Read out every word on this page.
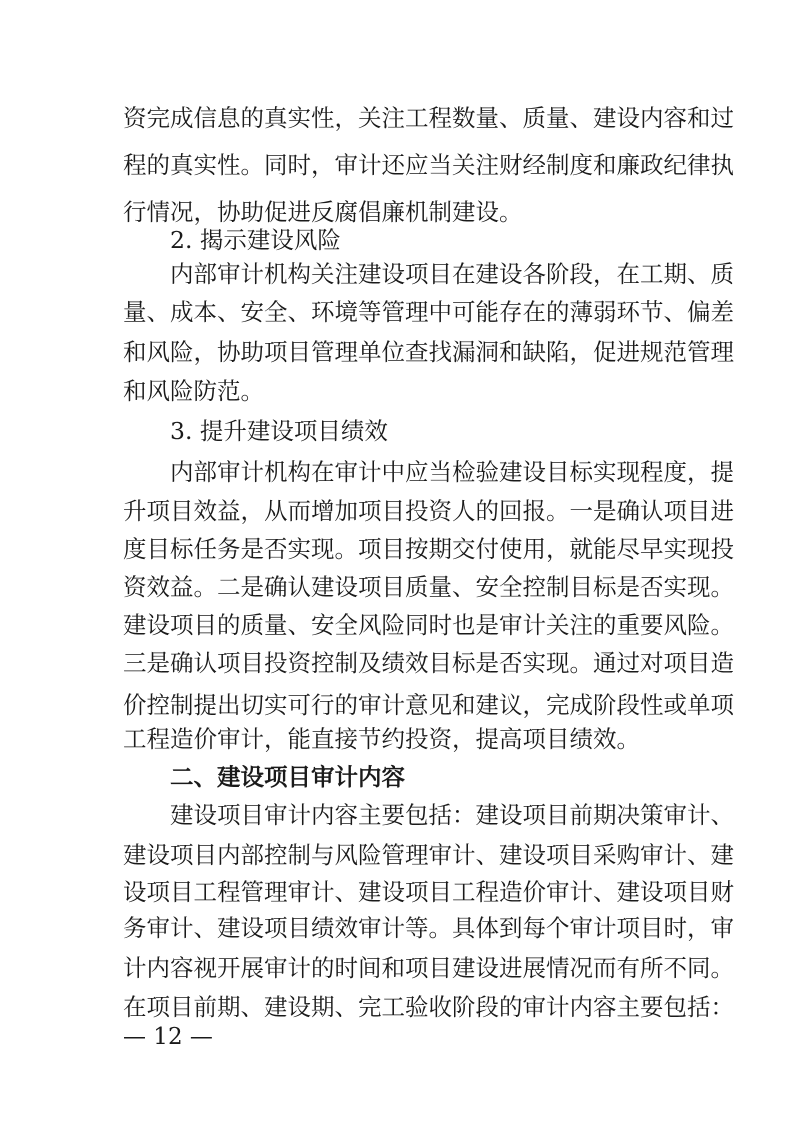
资完成信息的真实性，关注工程数量、质量、建设内容和过
程的真实性。同时，审计还应当关注财经制度和廉政纪律执
行情况，协助促进反腐倡廉机制建设。
2. 揭示建设风险
内部审计机构关注建设项目在建设各阶段，在工期、质
量、成本、安全、环境等管理中可能存在的薄弱环节、偏差
和风险，协助项目管理单位查找漏洞和缺陷，促进规范管理
和风险防范。
3. 提升建设项目绩效
内部审计机构在审计中应当检验建设目标实现程度，提
升项目效益，从而增加项目投资人的回报。一是确认项目进
度目标任务是否实现。项目按期交付使用，就能尽早实现投
资效益。二是确认建设项目质量、安全控制目标是否实现。
建设项目的质量、安全风险同时也是审计关注的重要风险。
三是确认项目投资控制及绩效目标是否实现。通过对项目造
价控制提出切实可行的审计意见和建议，完成阶段性或单项
工程造价审计，能直接节约投资，提高项目绩效。
二、建设项目审计内容
建设项目审计内容主要包括：建设项目前期决策审计、
建设项目内部控制与风险管理审计、建设项目采购审计、建
设项目工程管理审计、建设项目工程造价审计、建设项目财
务审计、建设项目绩效审计等。具体到每个审计项目时，审
计内容视开展审计的时间和项目建设进展情况而有所不同。
在项目前期、建设期、完工验收阶段的审计内容主要包括：
— 12 —
